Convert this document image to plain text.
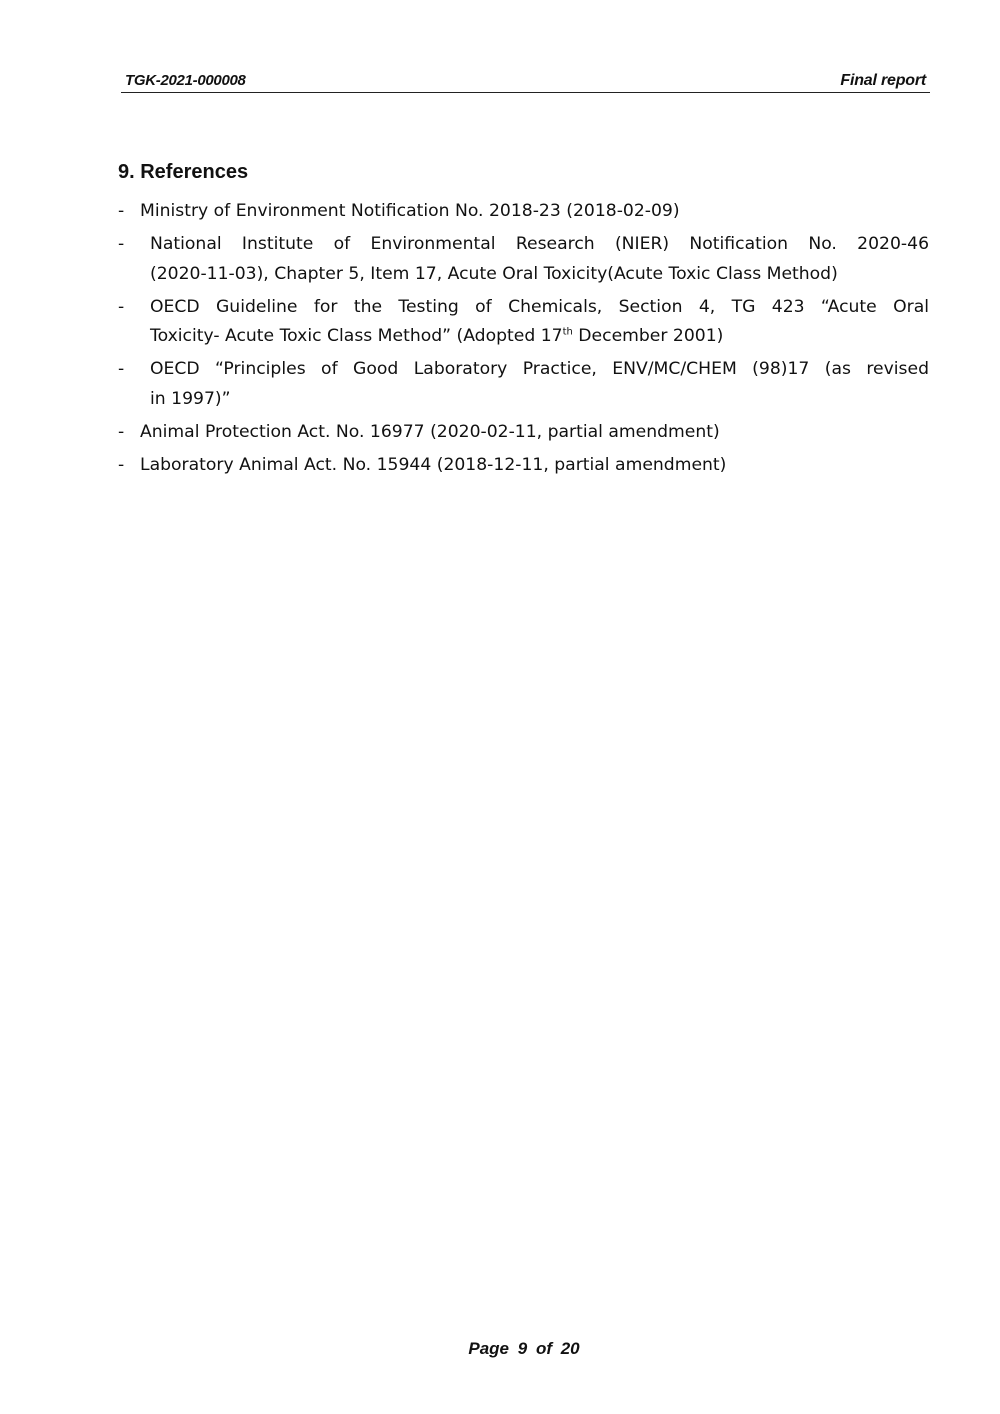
TGK-2021-000008	Final report
9. References
- Ministry of Environment Notification No. 2018-23 (2018-02-09)
- National Institute of Environmental Research (NIER) Notification No. 2020-46
(2020-11-03), Chapter 5, Item 17, Acute Oral Toxicity(Acute Toxic Class Method)
- OECD Guideline for the Testing of Chemicals, Section 4, TG 423 “Acute Oral
Toxicity- Acute Toxic Class Method” (Adopted 17th December 2001)
- OECD “Principles of Good Laboratory Practice, ENV/MC/CHEM (98)17 (as revised
in 1997)”
- Animal Protection Act. No. 16977 (2020-02-11, partial amendment)
- Laboratory Animal Act. No. 15944 (2018-12-11, partial amendment)
Page 9 of 20
